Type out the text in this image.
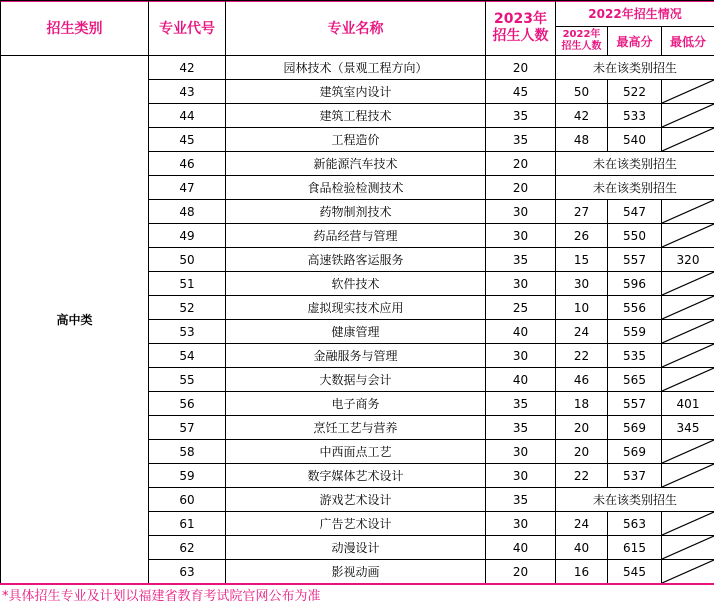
招生类别	专业代号	专业名称	2023年
招生人数	2022年招生情况		

				2022年
招生人数	最高分	最低分
高中类	42	园林技术（景观工程方向）	20	未在该类别招生		
	43	建筑室内设计	45	50	522	

	44	建筑工程技术	35	42	533	

	45	工程造价	35	48	540	

	46	新能源汽车技术	20	未在该类别招生		
	47	食品检验检测技术	20	未在该类别招生		
	48	药物制剂技术	30	27	547	

	49	药品经营与管理	30	26	550	

	50	高速铁路客运服务	35	15	557	320
	51	软件技术	30	30	596	

	52	虚拟现实技术应用	25	10	556	

	53	健康管理	40	24	559	

	54	金融服务与管理	30	22	535	

	55	大数据与会计	40	46	565	

	56	电子商务	35	18	557	401
	57	烹饪工艺与营养	35	20	569	345
	58	中西面点工艺	30	20	569	

	59	数字媒体艺术设计	30	22	537	

	60	游戏艺术设计	35	未在该类别招生		
	61	广告艺术设计	30	24	563	

	62	动漫设计	40	40	615	

	63	影视动画	20	16	545	
*具体招生专业及计划以福建省教育考试院官网公布为准
